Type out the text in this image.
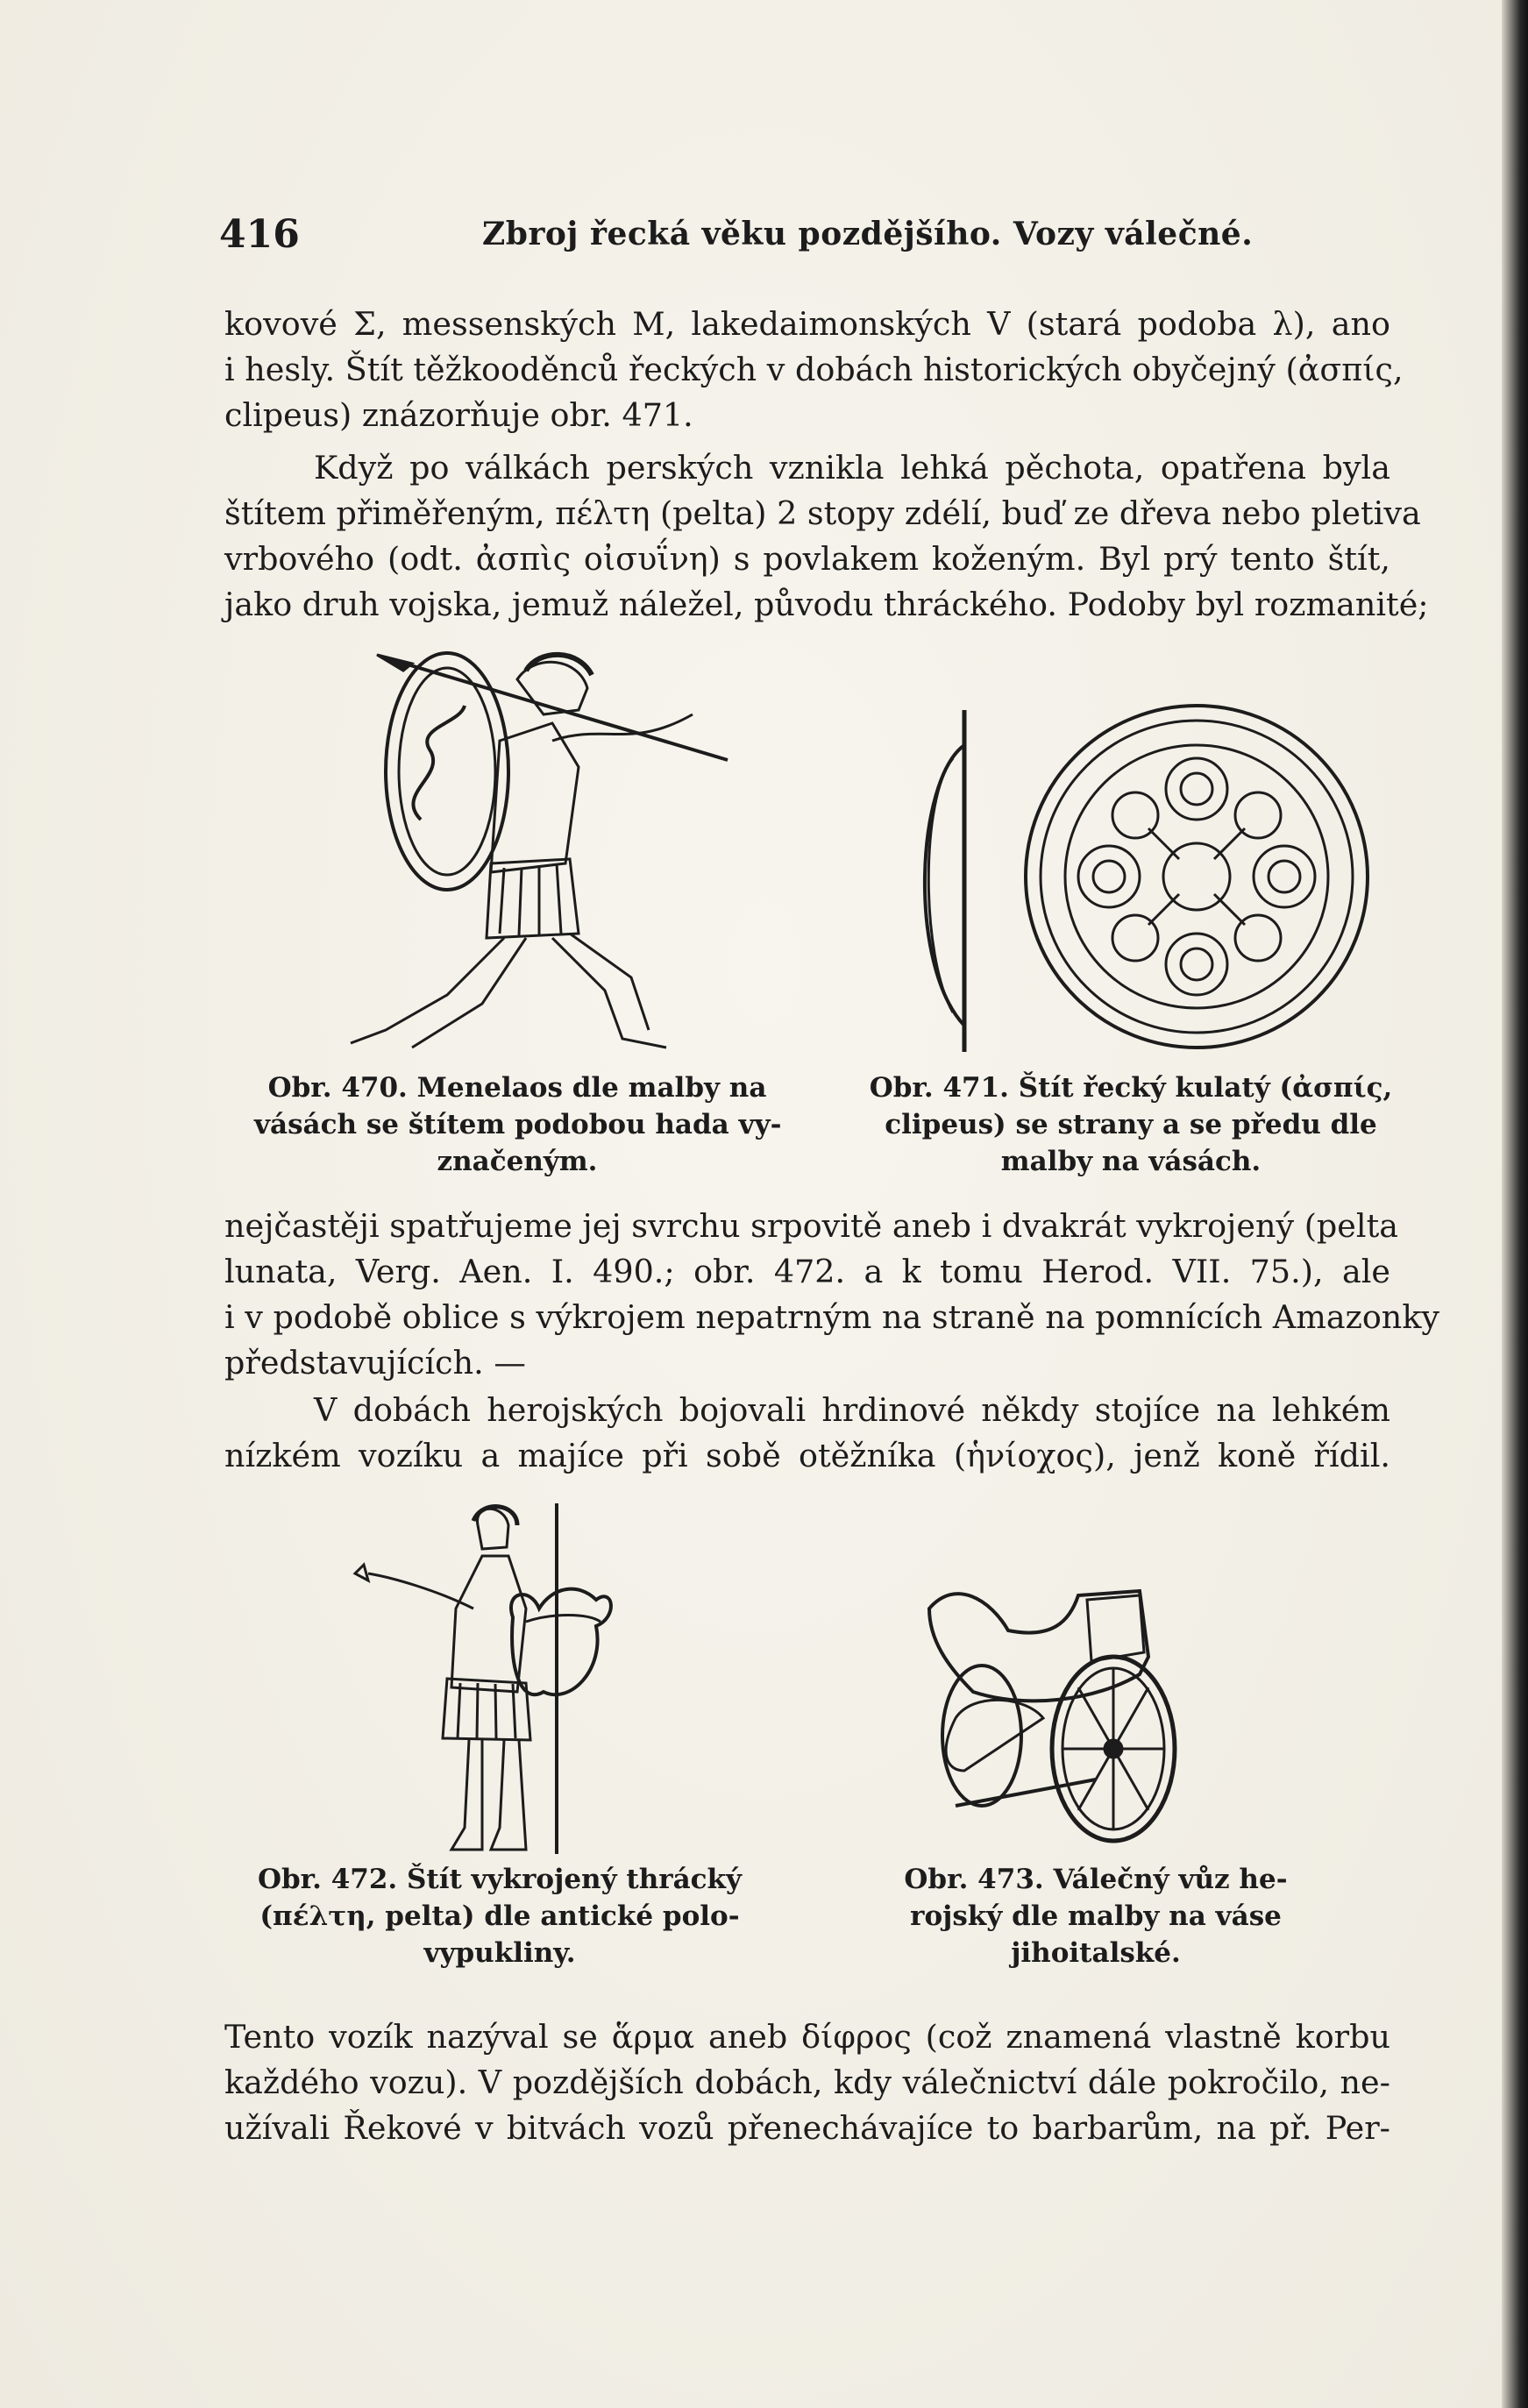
416	Zbroj řecká věku pozdějšího. Vozy válečné.
kovové Σ, messenských M, lakedaimonských V (stará podoba λ), ano
i hesly. Štít těžkooděnců řeckých v dobách historických obyčejný (ἀσπίς,
clipeus) znázorňuje obr. 471.
Když po válkách perských vznikla lehká pěchota, opatřena byla
štítem přiměřeným, πέλτη (pelta) 2 stopy zdélí, buď ze dřeva nebo pletiva
vrbového (odt. ἀσπὶς οἰσυΐνη) s povlakem koženým. Byl prý tento štít,
jako druh vojska, jemuž náležel, původu thráckého. Podoby byl rozmanité;
Obr. 470. Menelaos dle malby na
vásách se štítem podobou hada vy-
značeným.
Obr. 471. Štít řecký kulatý (ἀσπίς,
clipeus) se strany a se předu dle
malby na vásách.
nejčastěji spatřujeme jej svrchu srpovitě aneb i dvakrát vykrojený (pelta
lunata, Verg. Aen. I. 490.; obr. 472. a k tomu Herod. VII. 75.), ale
i v podobě oblice s výkrojem nepatrným na straně na pomnících Amazonky
představujících. —
V dobách herojských bojovali hrdinové někdy stojíce na lehkém
nízkém vozíku a majíce při sobě otěžníka (ἡνίοχος), jenž koně řídil.
Obr. 472. Štít vykrojený thrácký
(πέλτη, pelta) dle antické polo-
vypukliny.
Obr. 473. Válečný vůz he-
rojský dle malby na váse
jihoitalské.
Tento vozík nazýval se ἅρμα aneb δίφρος (což znamená vlastně korbu
každého vozu). V pozdějších dobách, kdy válečnictví dále pokročilo, ne-
užívali Řekové v bitvách vozů přenechávajíce to barbarům, na př. Per-
